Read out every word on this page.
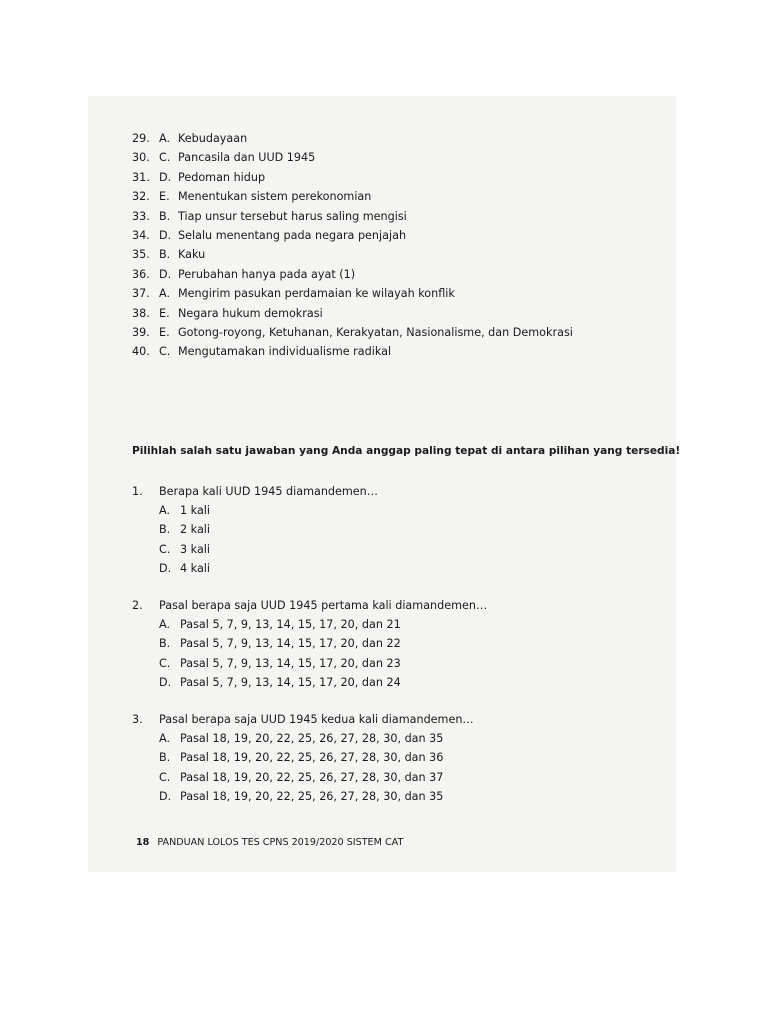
29. A. Kebudayaan
30. C. Pancasila dan UUD 1945
31. D. Pedoman hidup
32. E. Menentukan sistem perekonomian
33. B. Tiap unsur tersebut harus saling mengisi
34. D. Selalu menentang pada negara penjajah
35. B. Kaku
36. D. Perubahan hanya pada ayat (1)
37. A. Mengirim pasukan perdamaian ke wilayah konflik
38. E. Negara hukum demokrasi
39. E. Gotong-royong, Ketuhanan, Kerakyatan, Nasionalisme, dan Demokrasi
40. C. Mengutamakan individualisme radikal
Pilihlah salah satu jawaban yang Anda anggap paling tepat di antara pilihan yang tersedia!
1. Berapa kali UUD 1945 diamandemen…
A. 1 kali
B. 2 kali
C. 3 kali
D. 4 kali
2. Pasal berapa saja UUD 1945 pertama kali diamandemen…
A. Pasal 5, 7, 9, 13, 14, 15, 17, 20, dan 21
B. Pasal 5, 7, 9, 13, 14, 15, 17, 20, dan 22
C. Pasal 5, 7, 9, 13, 14, 15, 17, 20, dan 23
D. Pasal 5, 7, 9, 13, 14, 15, 17, 20, dan 24
3. Pasal berapa saja UUD 1945 kedua kali diamandemen…
A. Pasal 18, 19, 20, 22, 25, 26, 27, 28, 30, dan 35
B. Pasal 18, 19, 20, 22, 25, 26, 27, 28, 30, dan 36
C. Pasal 18, 19, 20, 22, 25, 26, 27, 28, 30, dan 37
D. Pasal 18, 19, 20, 22, 25, 26, 27, 28, 30, dan 35
18 PANDUAN LOLOS TES CPNS 2019/2020 SISTEM CAT
